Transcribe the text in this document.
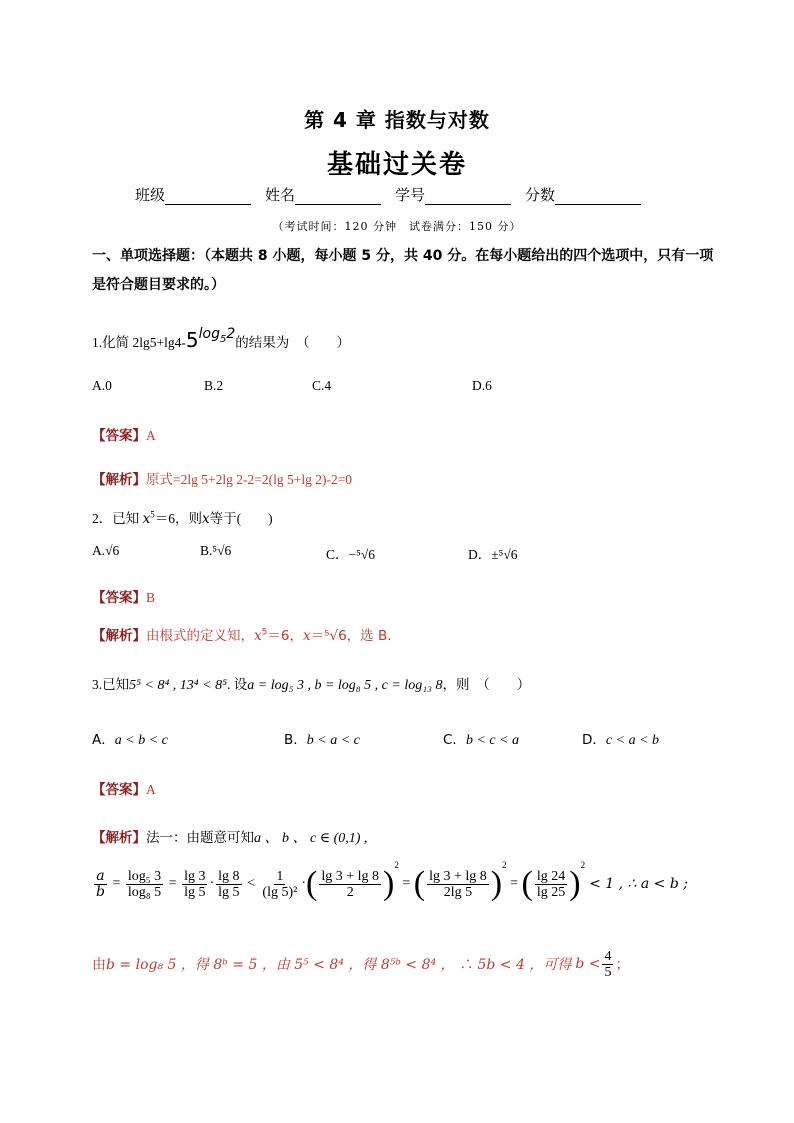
第 4 章 指数与对数
基础过关卷
班级	姓名	学号	分数
（考试时间：120 分钟　试卷满分：150 分）
一、单项选择题：（本题共 8 小题，每小题 5 分，共 40 分。在每小题给出的四个选项中，只有一项
是符合题目要求的。）
1.化简 $2\lg 5+\lg 4-5^{log_52}$的结果为　（　　）
A.0	B.2	C.4	D.6
【答案】A
【解析】原式=2lg 5+2lg 2-2=2(lg 5+lg 2)-2=0
2．已知 $x^5=6$，则x等于(　　)
A.√6	B.⁵√6	C．−⁵√6	D．±⁵√6
【答案】B
【解析】由根式的定义知，$x^5=6$，x＝⁵√6，选 B.
3.已知5⁵ < 8⁴ , 13⁴ < 8⁵. 设a = log₅ 3 , b = log₈ 5 , c = log₁₃ 8，则　（　　）
A．a < b < c	B．b < a < c	C．b < c < a	D．c < a < b
【答案】A
【解析】法一：由题意可知a 、 b 、 c ∈ (0,1) ,
$\frac{a}{b} = \frac{\text{log₅ 3}}{\text{log₈ 5}} = \frac{\lg 3}{\lg 5} \cdot \frac{\lg 8}{\lg 5} < \frac{1}{\text{(lg 5)²}}$ · ( $\frac{\lg 3 + \lg 8}{2} )^2$
= ( $\frac{\lg 3 + \lg 8}{2\lg 5} )^2$
= ( $\frac{\lg 24}{\lg 25} )^2$
< 1 , ∴ a < b ;
由 b = log₈ 5 ，得 8ᵇ = 5 ，由 5⁵ < 8⁴ ，得 8⁵ᵇ < 8⁴ ， ∴ 5b < 4 ，可得 $b < \frac{4}{5}$ ；
